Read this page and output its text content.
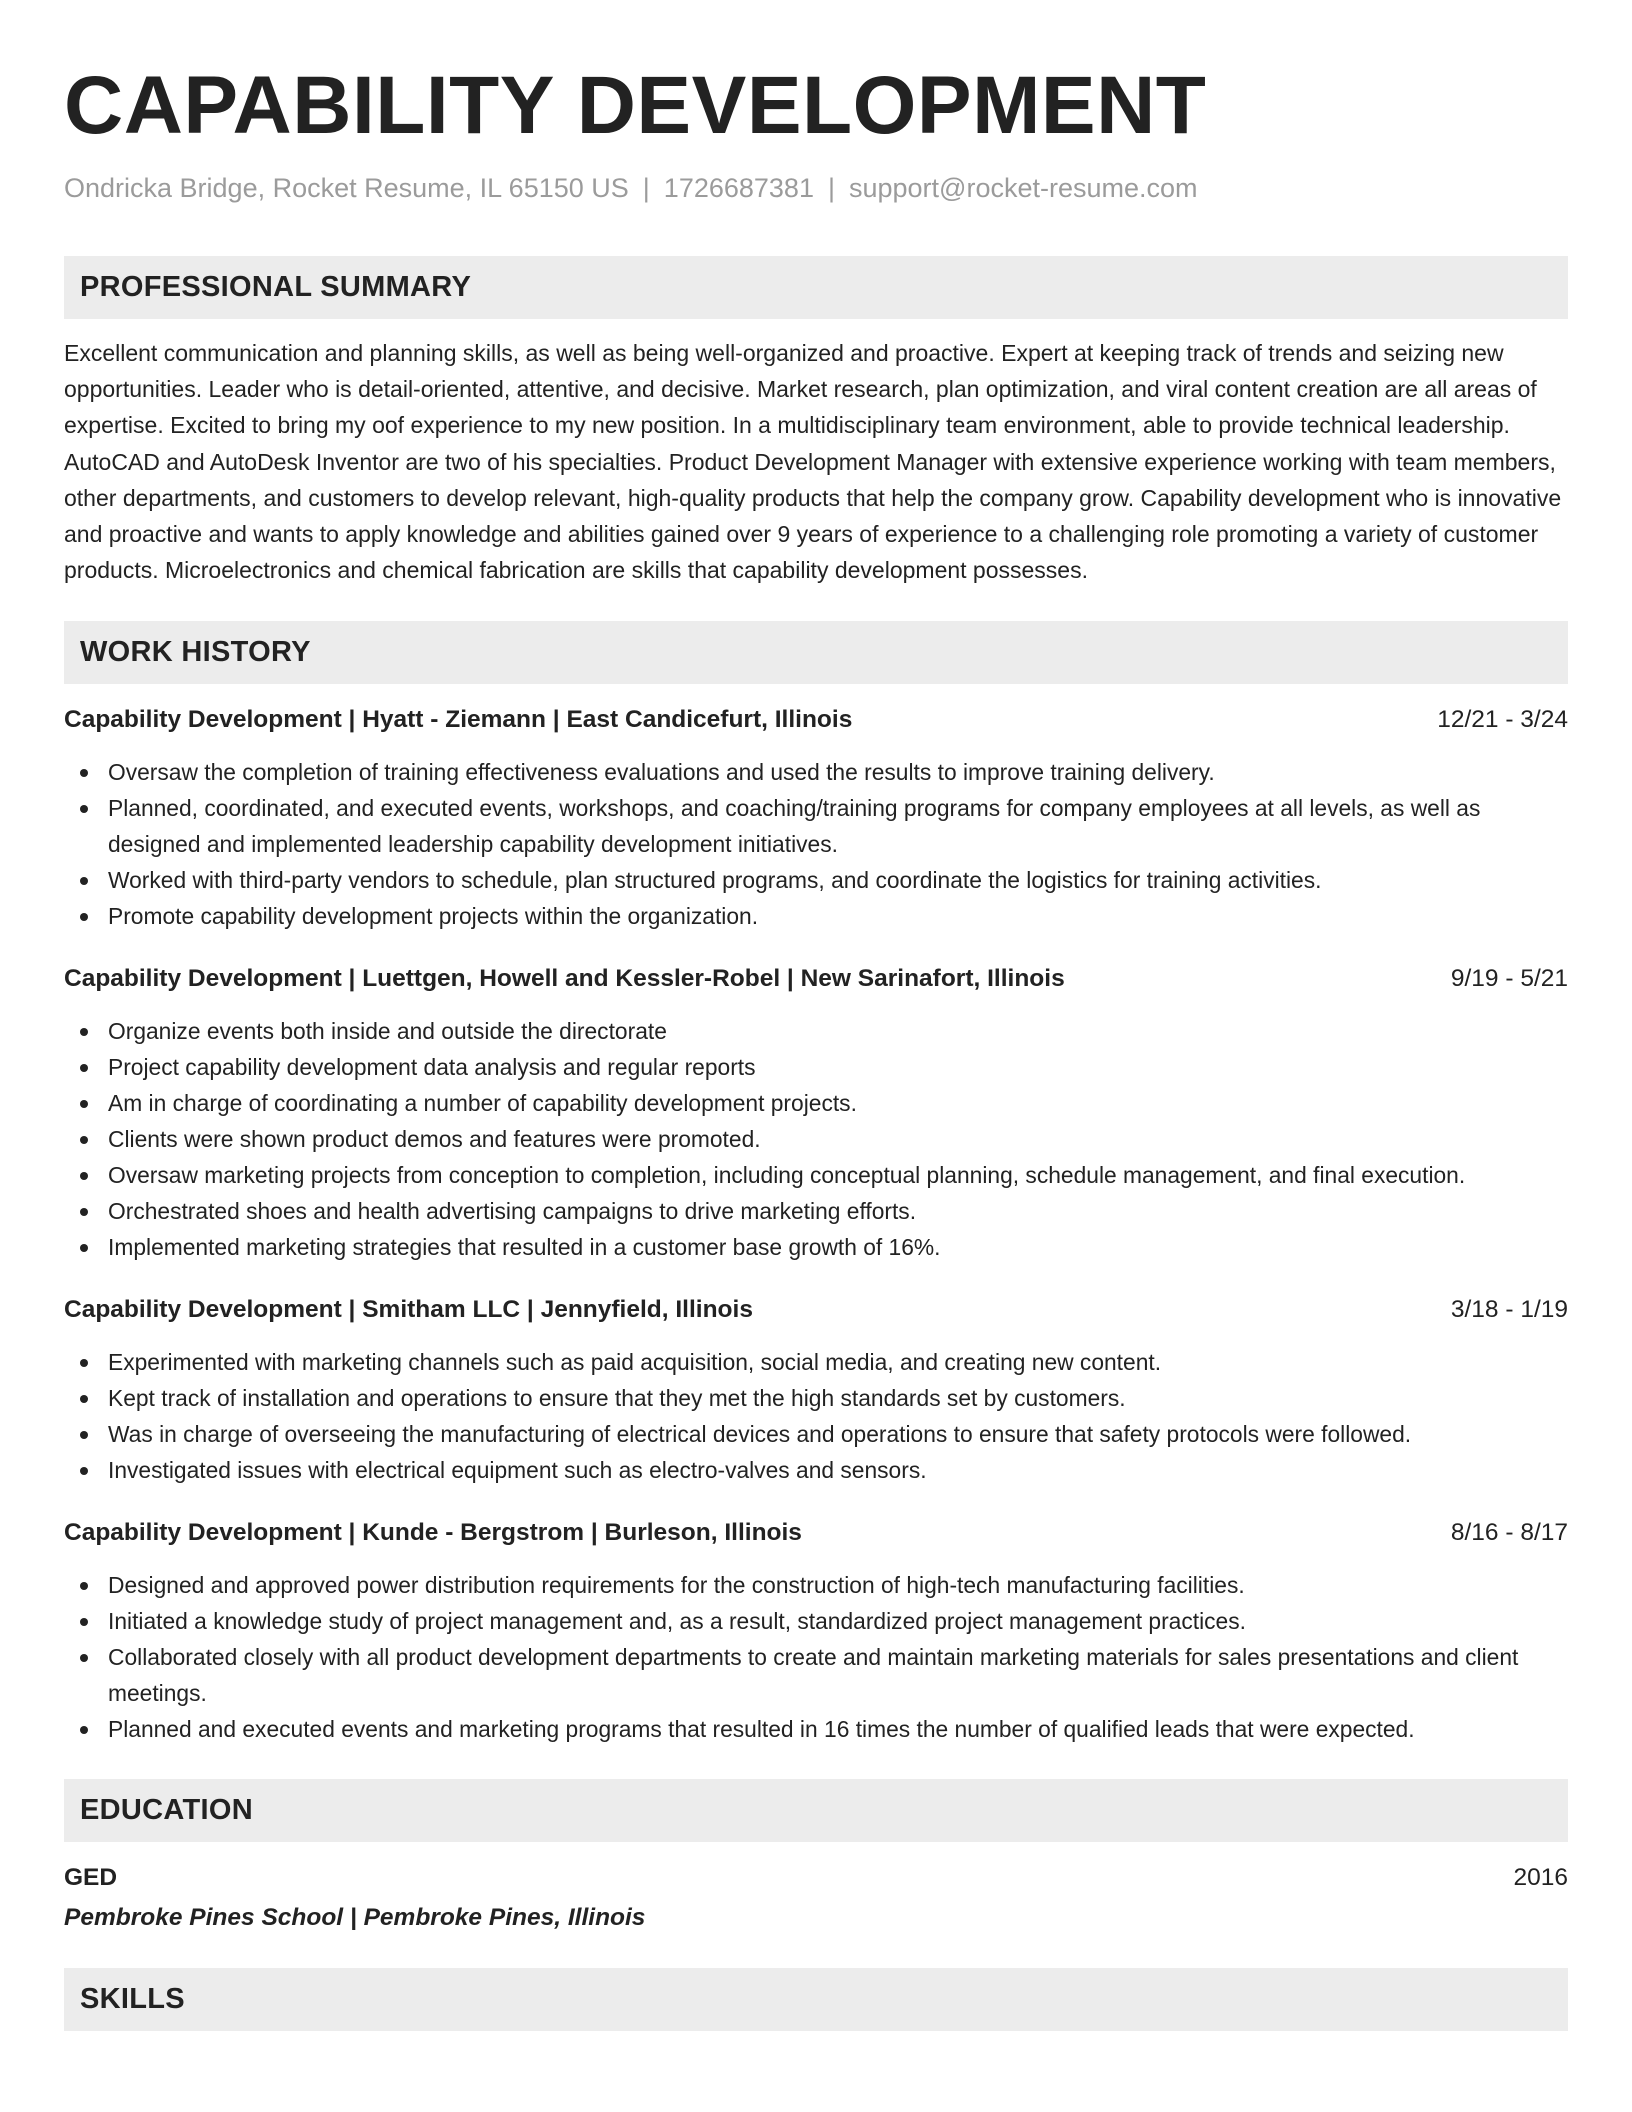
CAPABILITY DEVELOPMENT
Ondricka Bridge, Rocket Resume, IL 65150 US | 1726687381 | support@rocket-resume.com
PROFESSIONAL SUMMARY

Excellent communication and planning skills, as well as being well-organized and proactive. Expert at keeping track of trends and seizing new opportunities. Leader who is detail-oriented, attentive, and decisive. Market research, plan optimization, and viral content creation are all areas of expertise. Excited to bring my oof experience to my new position. In a multidisciplinary team environment, able to provide technical leadership. AutoCAD and AutoDesk Inventor are two of his specialties. Product Development Manager with extensive experience working with team members, other departments, and customers to develop relevant, high-quality products that help the company grow. Capability development who is innovative and proactive and wants to apply knowledge and abilities gained over 9 years of experience to a challenging role promoting a variety of customer products. Microelectronics and chemical fabrication are skills that capability development possesses.

WORK HISTORY
Capability Development | Hyatt - Ziemann | East Candicefurt, Illinois	12/21 - 3/24
Oversaw the completion of training effectiveness evaluations and used the results to improve training delivery.
Planned, coordinated, and executed events, workshops, and coaching/training programs for company employees at all levels, as well as designed and implemented leadership capability development initiatives.
Worked with third-party vendors to schedule, plan structured programs, and coordinate the logistics for training activities.
Promote capability development projects within the organization.
Capability Development | Luettgen, Howell and Kessler-Robel | New Sarinafort, Illinois	9/19 - 5/21
Organize events both inside and outside the directorate
Project capability development data analysis and regular reports
Am in charge of coordinating a number of capability development projects.
Clients were shown product demos and features were promoted.
Oversaw marketing projects from conception to completion, including conceptual planning, schedule management, and final execution.
Orchestrated shoes and health advertising campaigns to drive marketing efforts.
Implemented marketing strategies that resulted in a customer base growth of 16%.
Capability Development | Smitham LLC | Jennyfield, Illinois	3/18 - 1/19
Experimented with marketing channels such as paid acquisition, social media, and creating new content.
Kept track of installation and operations to ensure that they met the high standards set by customers.
Was in charge of overseeing the manufacturing of electrical devices and operations to ensure that safety protocols were followed.
Investigated issues with electrical equipment such as electro-valves and sensors.
Capability Development | Kunde - Bergstrom | Burleson, Illinois	8/16 - 8/17
Designed and approved power distribution requirements for the construction of high-tech manufacturing facilities.
Initiated a knowledge study of project management and, as a result, standardized project management practices.
Collaborated closely with all product development departments to create and maintain marketing materials for sales presentations and client meetings.
Planned and executed events and marketing programs that resulted in 16 times the number of qualified leads that were expected.
EDUCATION
GED	2016
Pembroke Pines School | Pembroke Pines, Illinois
SKILLS
